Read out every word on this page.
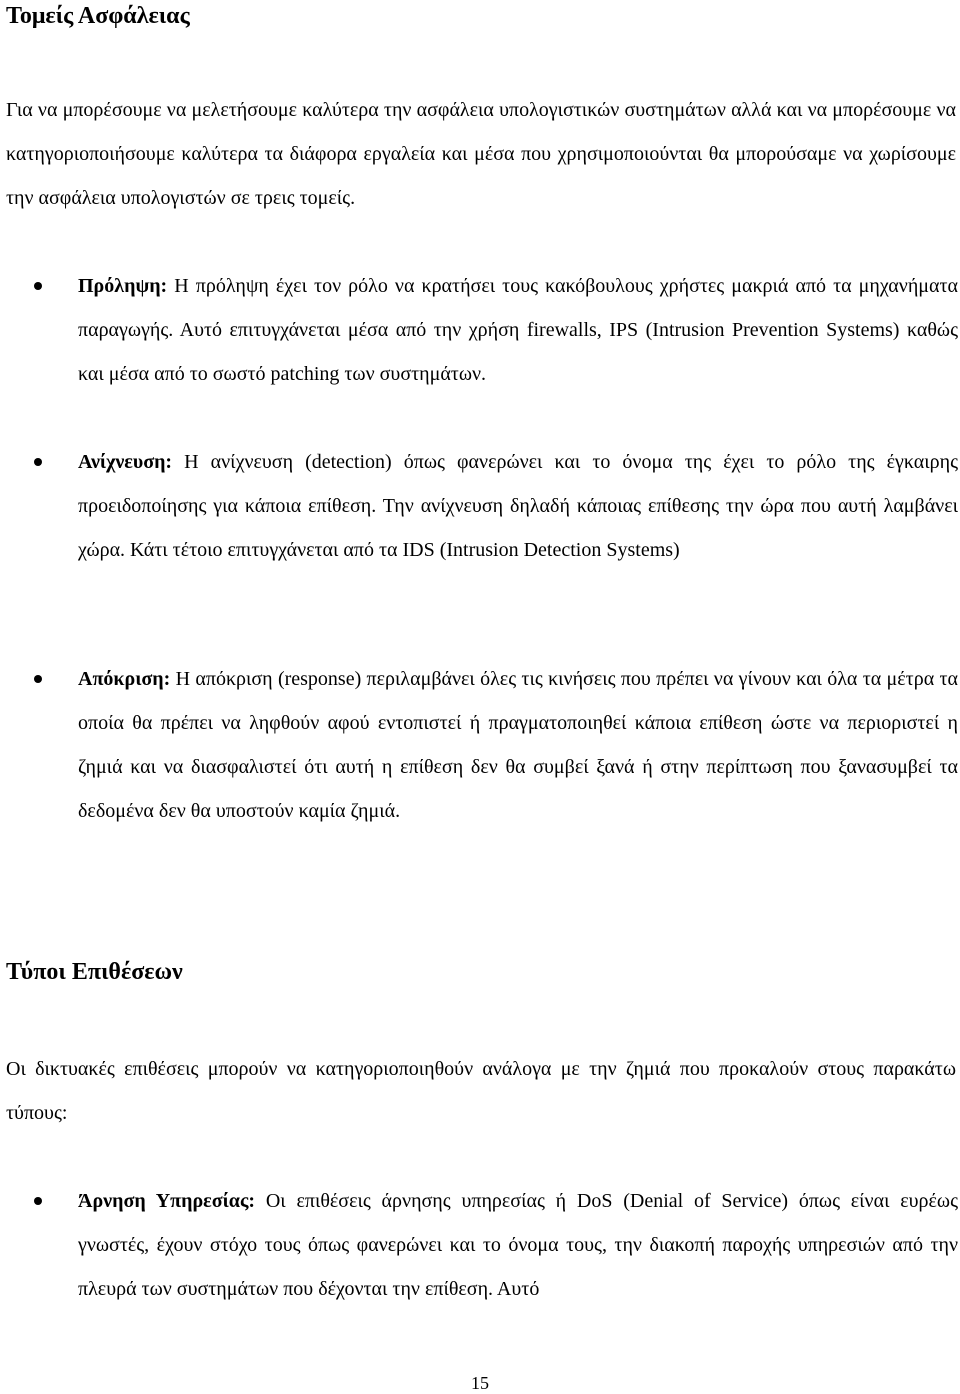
Τομείς Ασφάλειας

Για να μπορέσουμε να μελετήσουμε καλύτερα την ασφάλεια υπολογιστικών συστημάτων αλλά και να μπορέσουμε να κατηγοριοποιήσουμε καλύτερα τα διάφορα εργαλεία και μέσα που χρησιμοποιούνται θα μπορούσαμε να χωρίσουμε την ασφάλεια υπολογιστών σε τρεις τομείς.

Πρόληψη: Η πρόληψη έχει τον ρόλο να κρατήσει τους κακόβουλους χρήστες μακριά από τα μηχανήματα παραγωγής. Αυτό επιτυγχάνεται μέσα από την χρήση firewalls, IPS (Intrusion Prevention Systems) καθώς και μέσα από το σωστό patching των συστημάτων.

Ανίχνευση: Η ανίχνευση (detection) όπως φανερώνει και το όνομα της έχει το ρόλο της έγκαιρης προειδοποίησης για κάποια επίθεση. Την ανίχνευση δηλαδή κάποιας επίθεσης την ώρα που αυτή λαμβάνει χώρα. Κάτι τέτοιο επιτυγχάνεται από τα IDS (Intrusion Detection Systems)

Απόκριση: Η απόκριση (response) περιλαμβάνει όλες τις κινήσεις που πρέπει να γίνουν και όλα τα μέτρα τα οποία θα πρέπει να ληφθούν αφού εντοπιστεί ή πραγματοποιηθεί κάποια επίθεση ώστε να περιοριστεί η ζημιά και να διασφαλιστεί ότι αυτή η επίθεση δεν θα συμβεί ξανά ή στην περίπτωση που ξανασυμβεί τα δεδομένα δεν θα υποστούν καμία ζημιά.

Τύποι Επιθέσεων

Οι δικτυακές επιθέσεις μπορούν να κατηγοριοποιηθούν ανάλογα με την ζημιά που προκαλούν στους παρακάτω τύπους:

Άρνηση Υπηρεσίας: Οι επιθέσεις άρνησης υπηρεσίας ή DoS (Denial of Service) όπως είναι ευρέως γνωστές, έχουν στόχο τους όπως φανερώνει και το όνομα τους, την διακοπή παροχής υπηρεσιών από την πλευρά των συστημάτων που δέχονται την επίθεση. Αυτό

15
